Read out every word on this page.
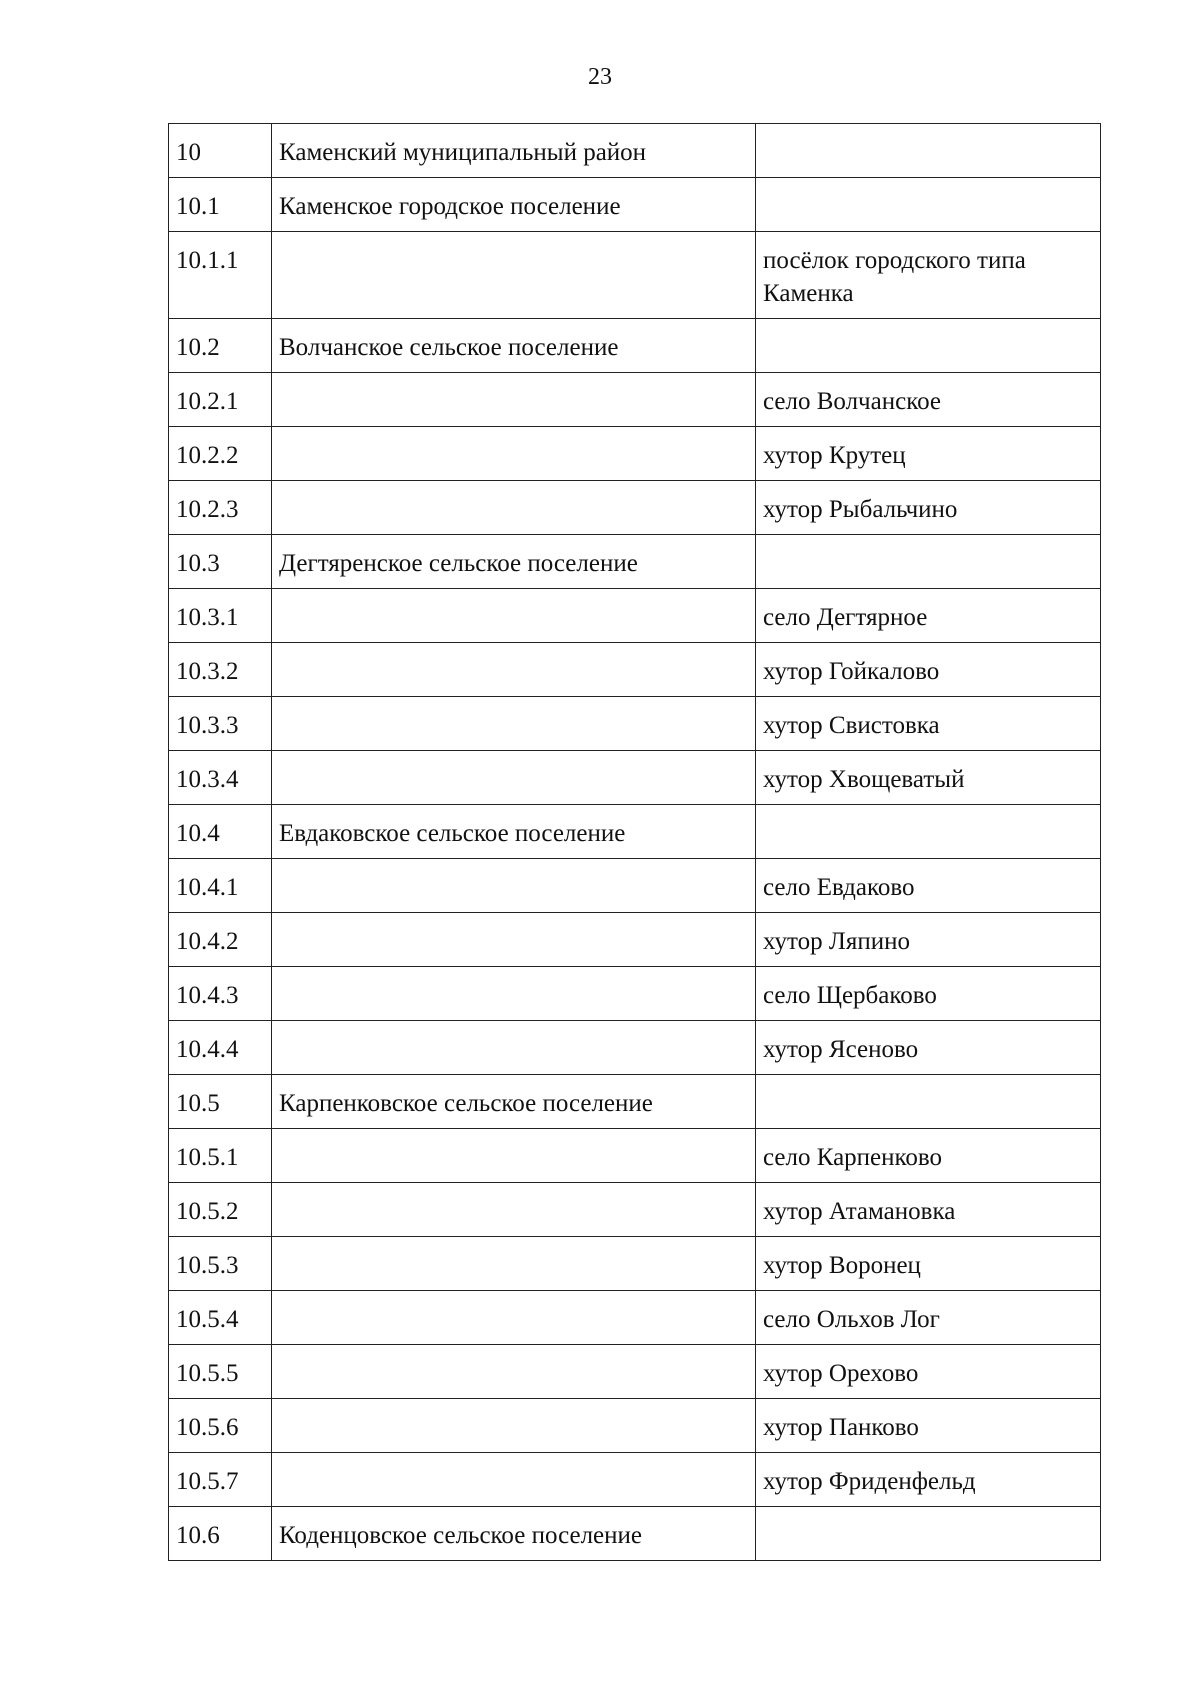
23
10	Каменский муниципальный район	
10.1	Каменское городское поселение	
10.1.1		посёлок городского типа Каменка
10.2	Волчанское сельское поселение	
10.2.1		село Волчанское
10.2.2		хутор Крутец
10.2.3		хутор Рыбальчино
10.3	Дегтяренское сельское поселение	
10.3.1		село Дегтярное
10.3.2		хутор Гойкалово
10.3.3		хутор Свистовка
10.3.4		хутор Хвощеватый
10.4	Евдаковское сельское поселение	
10.4.1		село Евдаково
10.4.2		хутор Ляпино
10.4.3		село Щербаково
10.4.4		хутор Ясеново
10.5	Карпенковское сельское поселение	
10.5.1		село Карпенково
10.5.2		хутор Атамановка
10.5.3		хутор Воронец
10.5.4		село Ольхов Лог
10.5.5		хутор Орехово
10.5.6		хутор Панково
10.5.7		хутор Фриденфельд
10.6	Коденцовское сельское поселение	
